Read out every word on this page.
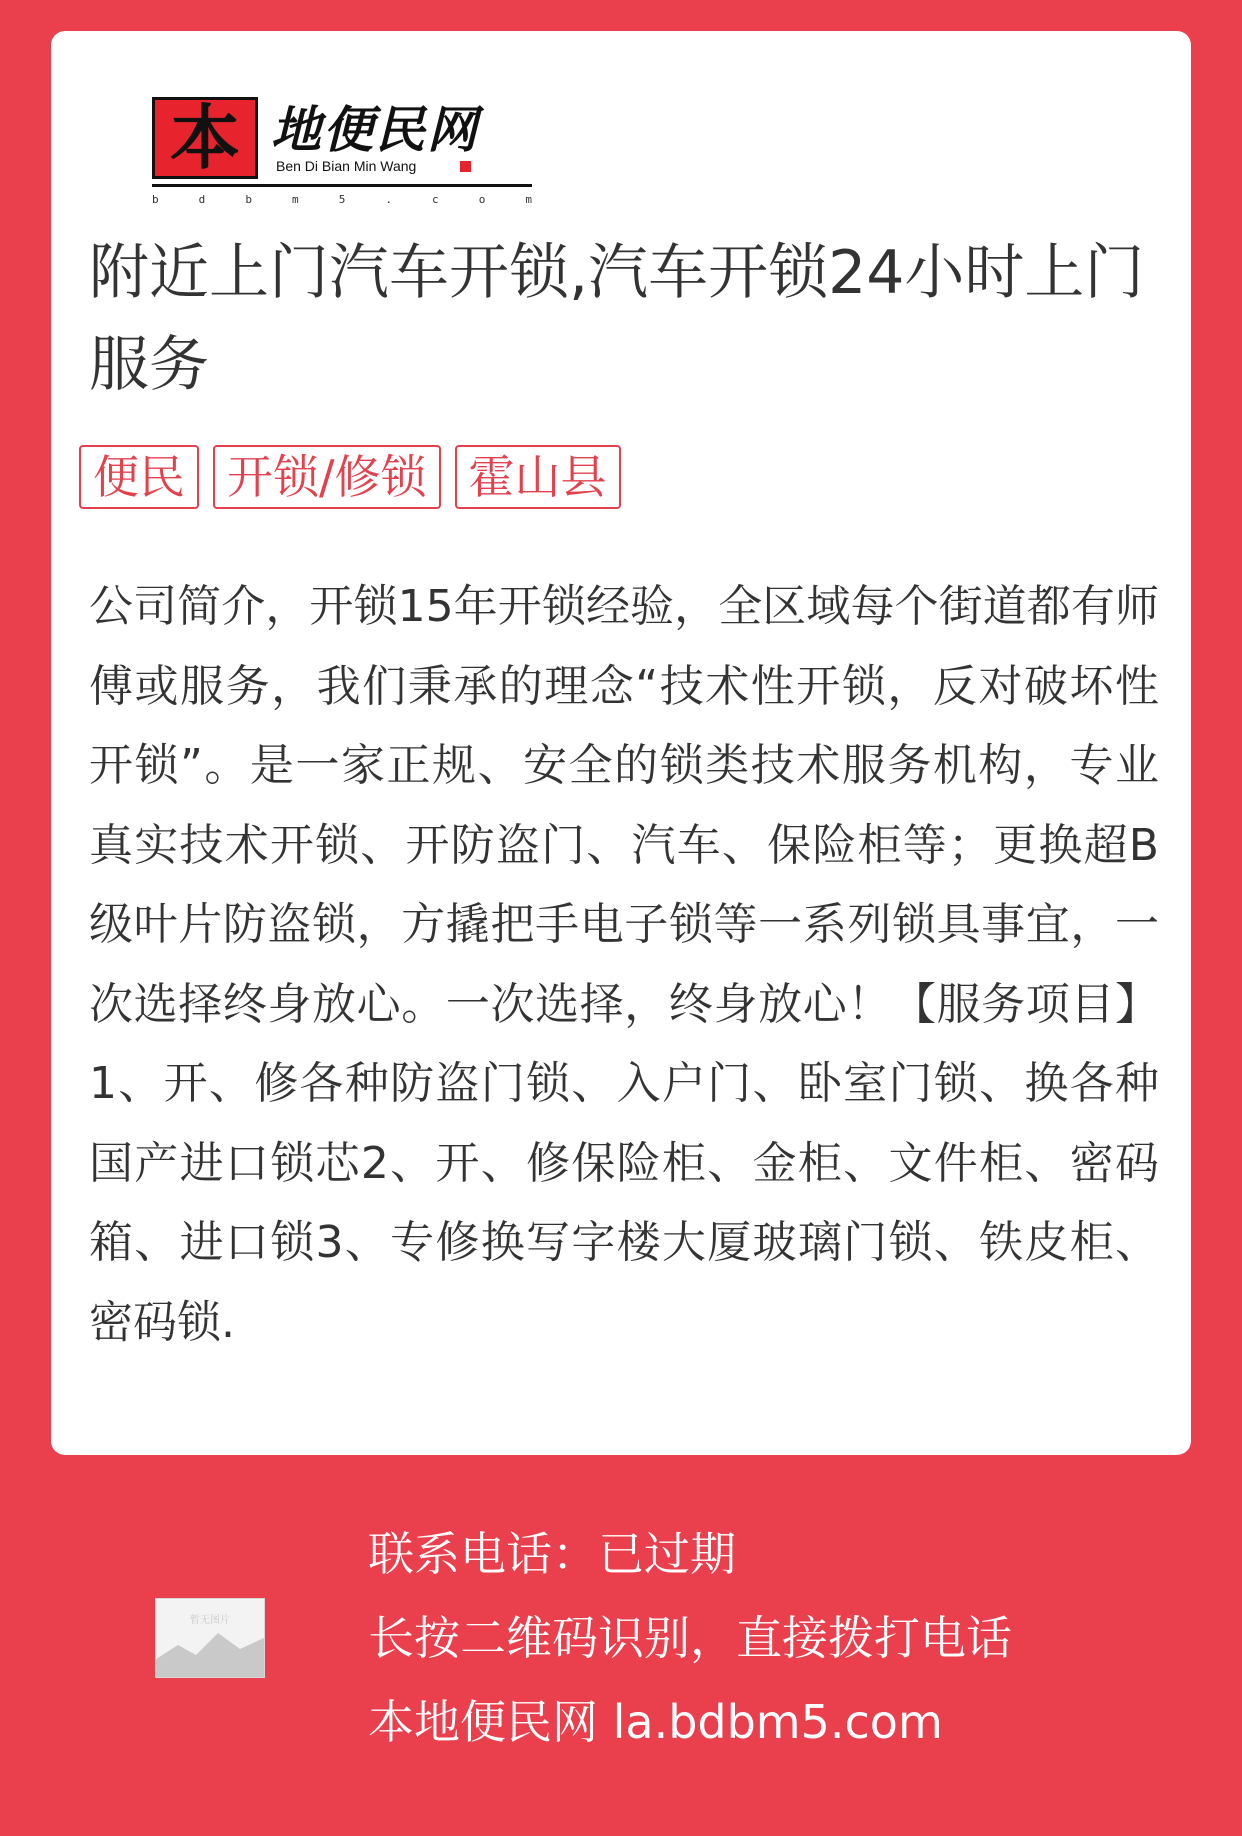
本 地便民网
Ben Di Bian Min Wang
b	d	b	m	5	.	c	o	m
附近上门汽车开锁,汽车开锁24小时上门服务
便民 开锁/修锁 霍山县
公司简介，开锁15年开锁经验，全区域每个街道都有师傅或服务，我们秉承的理念“技术性开锁，反对破坏性开锁”。是一家正规、安全的锁类技术服务机构，专业真实技术开锁、开防盗门、汽车、保险柜等；更换超B级叶片防盗锁，方撬把手电子锁等一系列锁具事宜，一次选择终身放心。一次选择，终身放心！【服务项目】1、开、修各种防盗门锁、入户门、卧室门锁、换各种国产进口锁芯2、开、修保险柜、金柜、文件柜、密码箱、进口锁3、专修换写字楼大厦玻璃门锁、铁皮柜、密码锁.
暂无图片
联系电话：已过期
长按二维码识别，直接拨打电话
本地便民网 la.bdbm5.com
